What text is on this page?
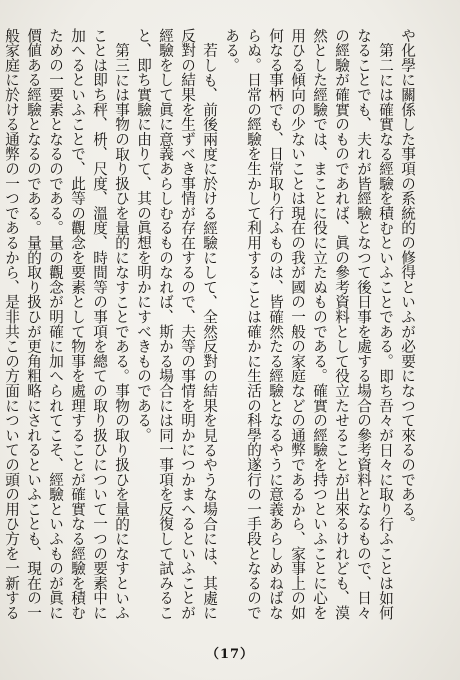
や化學に關係した事項の系統的の修得といふが必要になつて來るのである。

第二には確實なる經驗を積むといふことである。即ち吾々が日々に取り行ふことは如何なることでも、夫れが皆經驗となつて後日事を處する場合の參考資料となるもので、日々の經驗が確實のものであれば、眞の參考資料として役立たせることが出來るけれども、漠然とした經驗では、まことに役に立たぬものである。確實の經驗を持つといふことに心を用ひる傾向の少ないことは現在の我が國の一般の家庭などの通弊であるから、家事上の如何なる事柄でも、日常取り行ふものは、皆確然たる經驗となるやうに意義あらしめねばならぬ。日常の經驗を生かして利用することは確かに生活の科學的遂行の一手段となるのである。

若しも、前後兩度に於ける經驗にして、全然反對の結果を見るやうな場合には、其處に反對の結果を生ずべき事情が存在するので、夫等の事情を明かにつかまへるといふことが經驗をして眞に意義あらしむるものなれば、斯かる場合には同一事項を反復して試みること、即ち實驗に由りて、其の眞想を明かにすべきものである。

第三には事物の取り扱ひを量的になすことである。事物の取り扱ひを量的になすといふことは即ち秤、枡、尺度、溫度、時間等の事項を總ての取り扱ひについて一つの要素中に加へるといふことで、此等の觀念を要素として物事を處理することが確實なる經驗を積むための一要素となるのである。量の觀念が明確に加へられてこそ、經驗といふものが眞に價値ある經驗となるのである。量的取り扱ひが更角粗略にされるといふことも、現在の一般家庭に於ける通弊の一つであるから、是非共この方面についての頭の用ひ方を一新する

（17）
